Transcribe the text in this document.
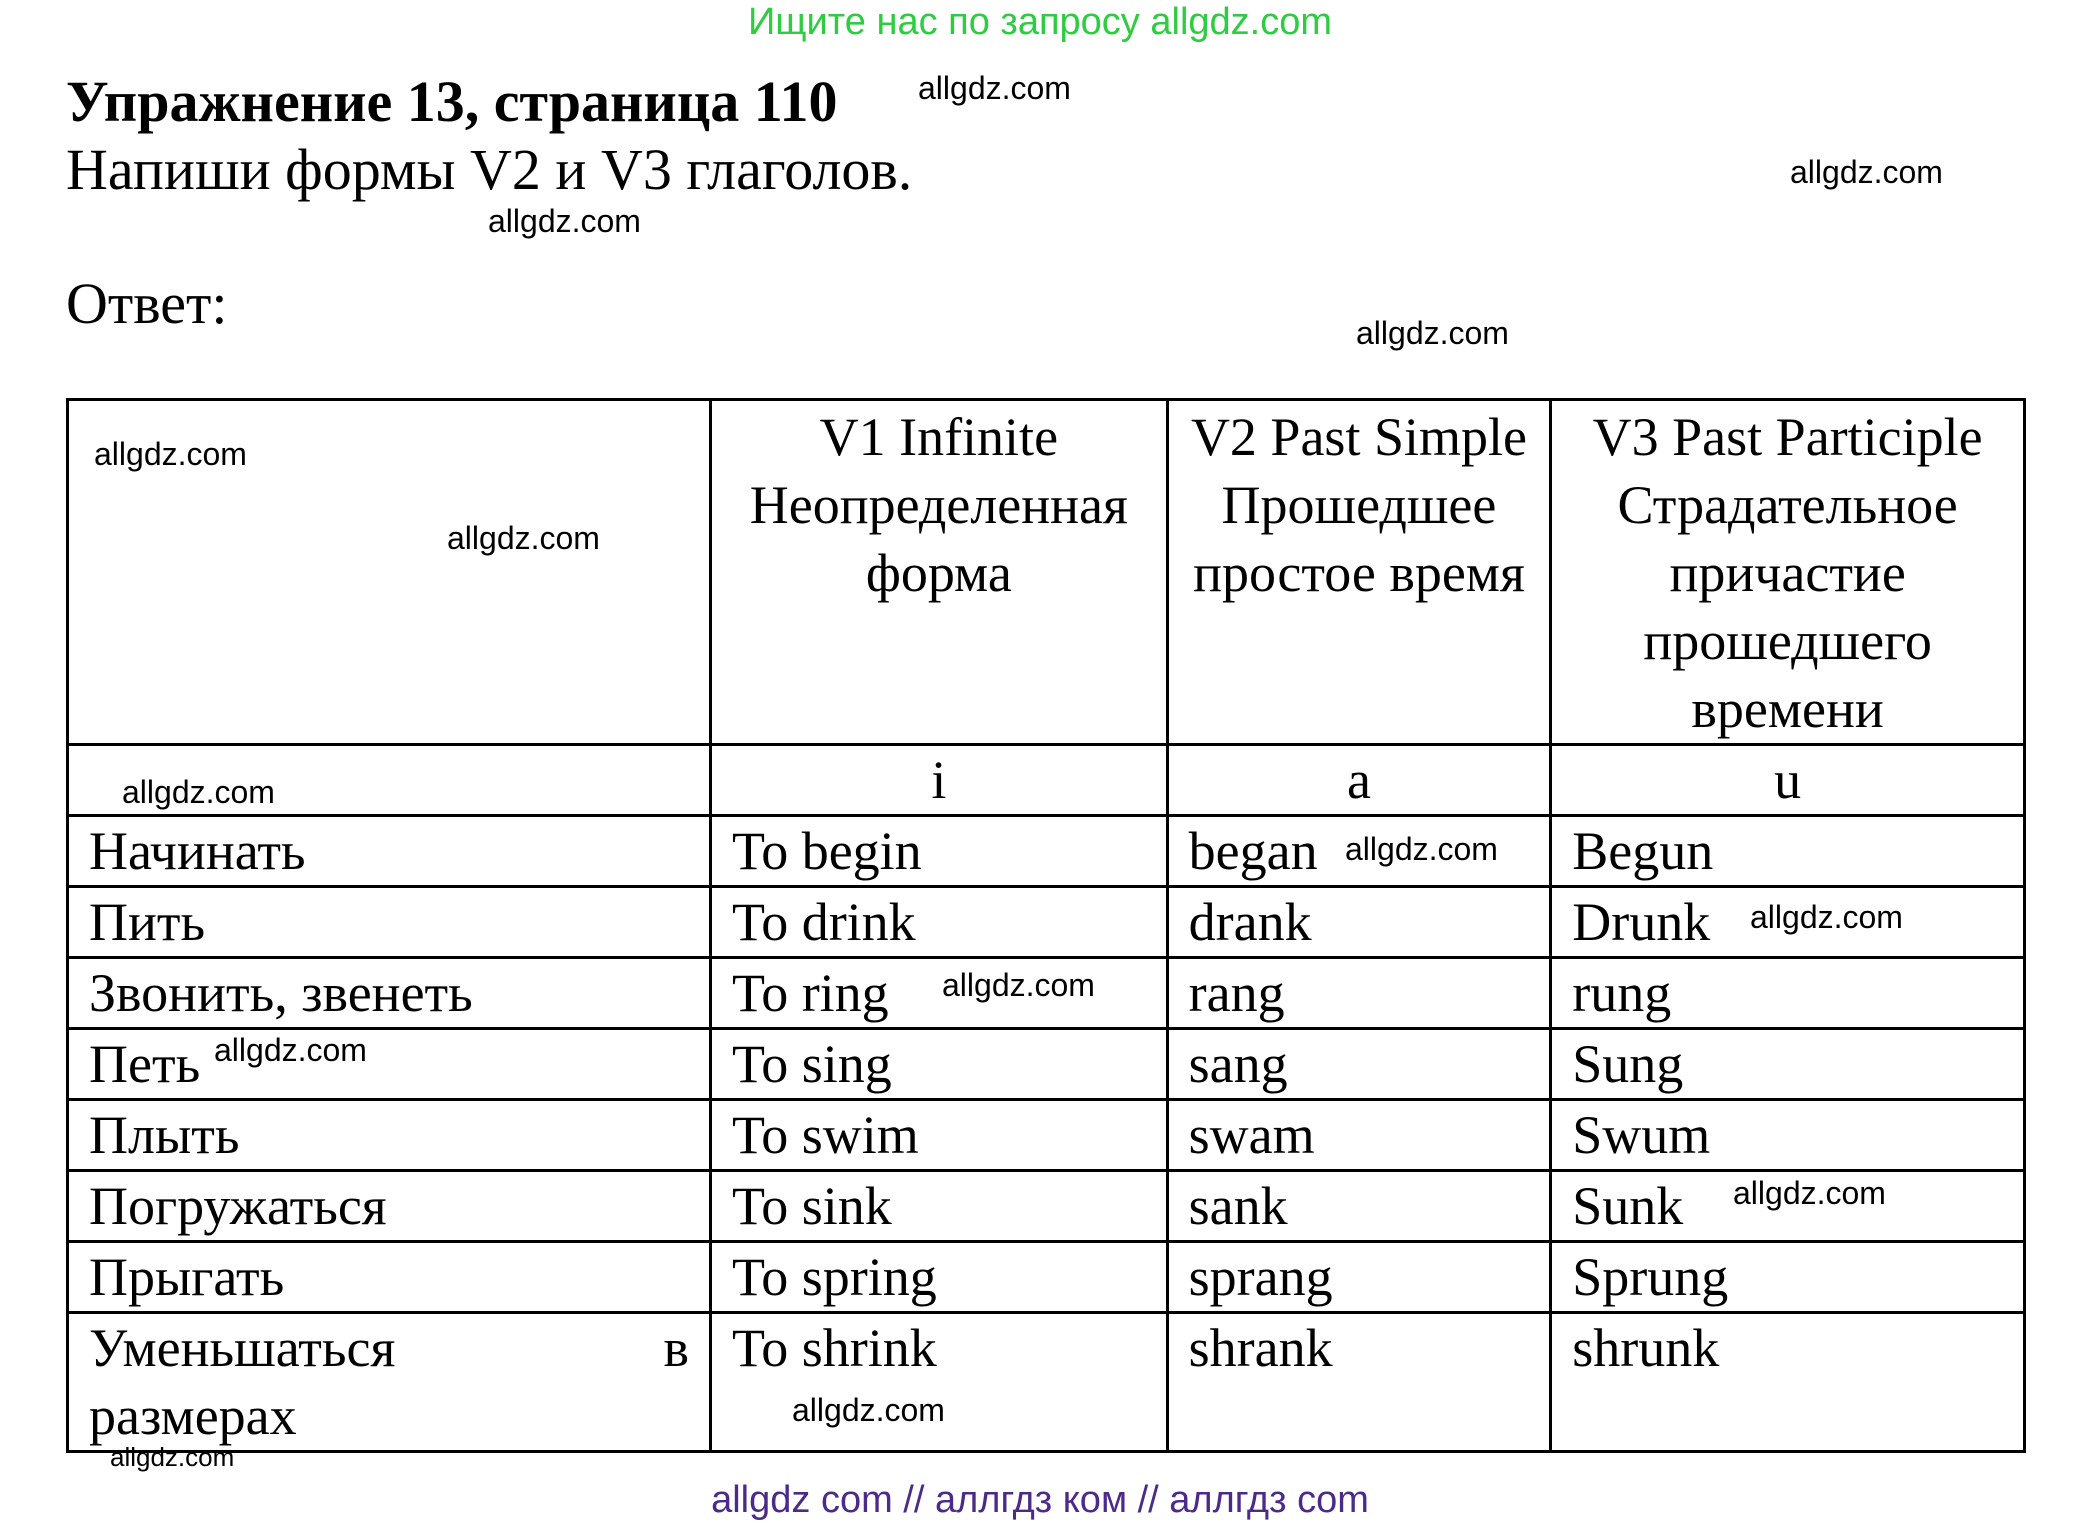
Ищите нас по запросу allgdz.com
Упражнение 13, страница 110
Напиши формы V2 и V3 глаголов.
Ответ:
	V1 Infinite Неопределенная форма	V2 Past Simple Прошедшее простое время	V3 Past Participle Страдательное причастие прошедшего времени
	i	a	u
Начинать	To begin	began	Begun
Пить	To drink	drank	Drunk
Звонить, звенеть	To ring	rang	rung
Петь	To sing	sang	Sung
Плыть	To swim	swam	Swum
Погружаться	To sink	sank	Sunk
Прыгать	To spring	sprang	Sprung

Уменьшаться в
размерах	To shrink	shrank	shrunk
allgdz.com
allgdz.com
allgdz.com
allgdz.com
allgdz.com
allgdz.com
allgdz.com
allgdz.com
allgdz.com
allgdz.com
allgdz.com
allgdz.com
allgdz.com
allgdz.com
allgdz com // аллгдз ком // аллгдз com
